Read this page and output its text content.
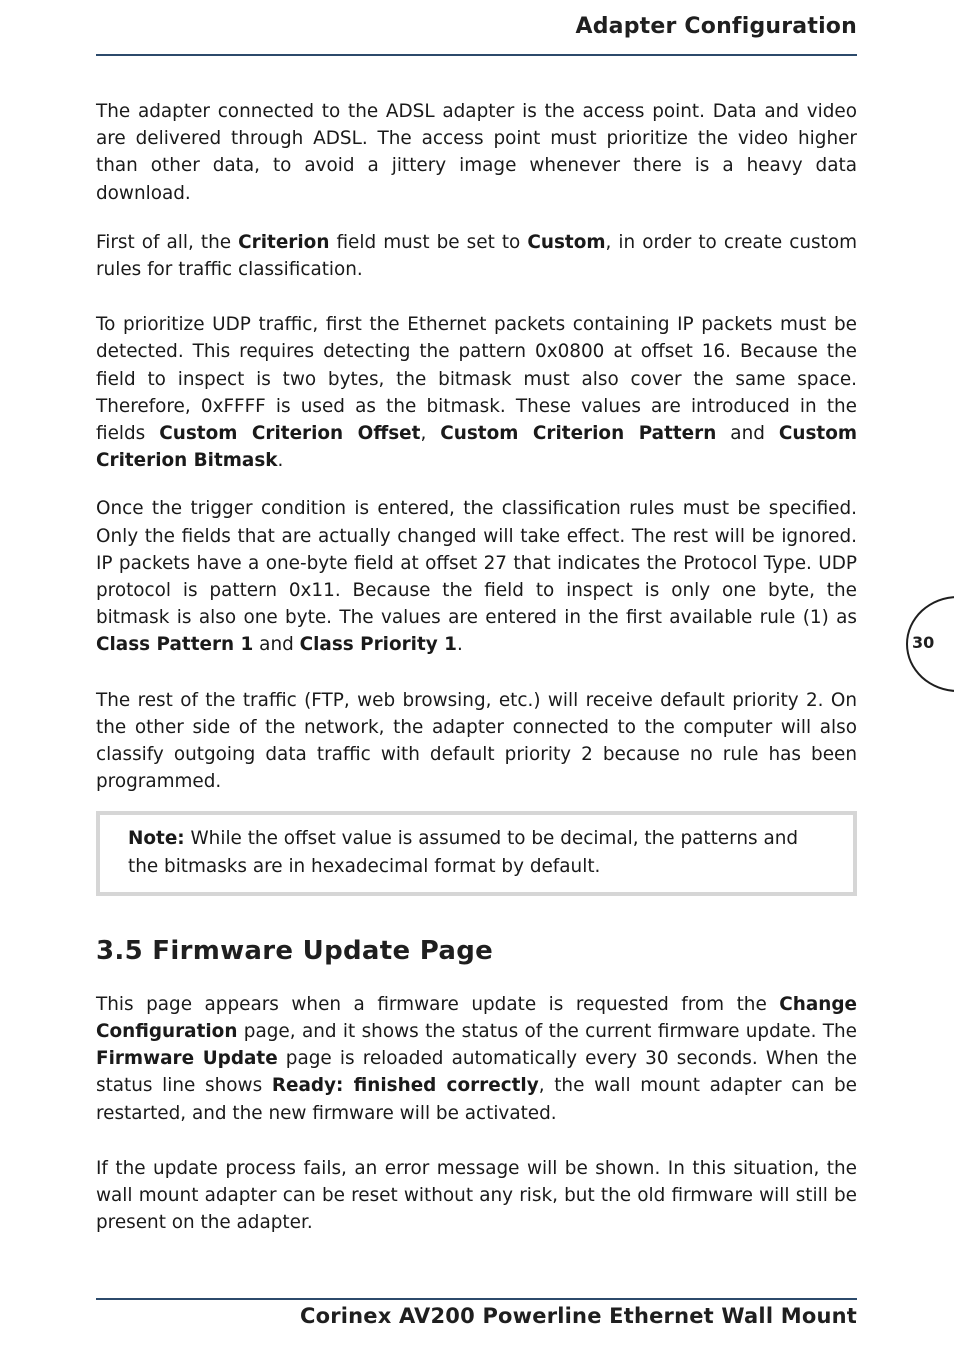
Adapter Configuration

The adapter connected to the ADSL adapter is the access point. Data and video are delivered through ADSL. The access point must prioritize the video higher than other data, to avoid a jittery image whenever there is a heavy data download.

First of all, the Criterion field must be set to Custom, in order to create custom rules for traffic classification.

To prioritize UDP traffic, first the Ethernet packets containing IP packets must be detected. This requires detecting the pattern 0x0800 at offset 16. Because the field to inspect is two bytes, the bitmask must also cover the same space. Therefore, 0xFFFF is used as the bitmask. These values are introduced in the fields Custom Criterion Offset, Custom Criterion Pattern and Custom Criterion Bitmask.

Once the trigger condition is entered, the classification rules must be specified. Only the fields that are actually changed will take effect. The rest will be ignored. IP packets have a one-byte field at offset 27 that indicates the Protocol Type. UDP protocol is pattern 0x11. Because the field to inspect is only one byte, the bitmask is also one byte. The values are entered in the first available rule (1) as Class Pattern 1 and Class Priority 1.

The rest of the traffic (FTP, web browsing, etc.) will receive default priority 2. On the other side of the network, the adapter connected to the computer will also classify outgoing data traffic with default priority 2 because no rule has been programmed.

Note: While the offset value is assumed to be decimal, the patterns and the bitmasks are in hexadecimal format by default.

3.5 Firmware Update Page

This page appears when a firmware update is requested from the Change Configuration page, and it shows the status of the current firmware update. The Firmware Update page is reloaded automatically every 30 seconds. When the status line shows Ready: finished correctly, the wall mount adapter can be restarted, and the new firmware will be activated.

If the update process fails, an error message will be shown. In this situation, the wall mount adapter can be reset without any risk, but the old firmware will still be present on the adapter.

30
Corinex AV200 Powerline Ethernet Wall Mount
